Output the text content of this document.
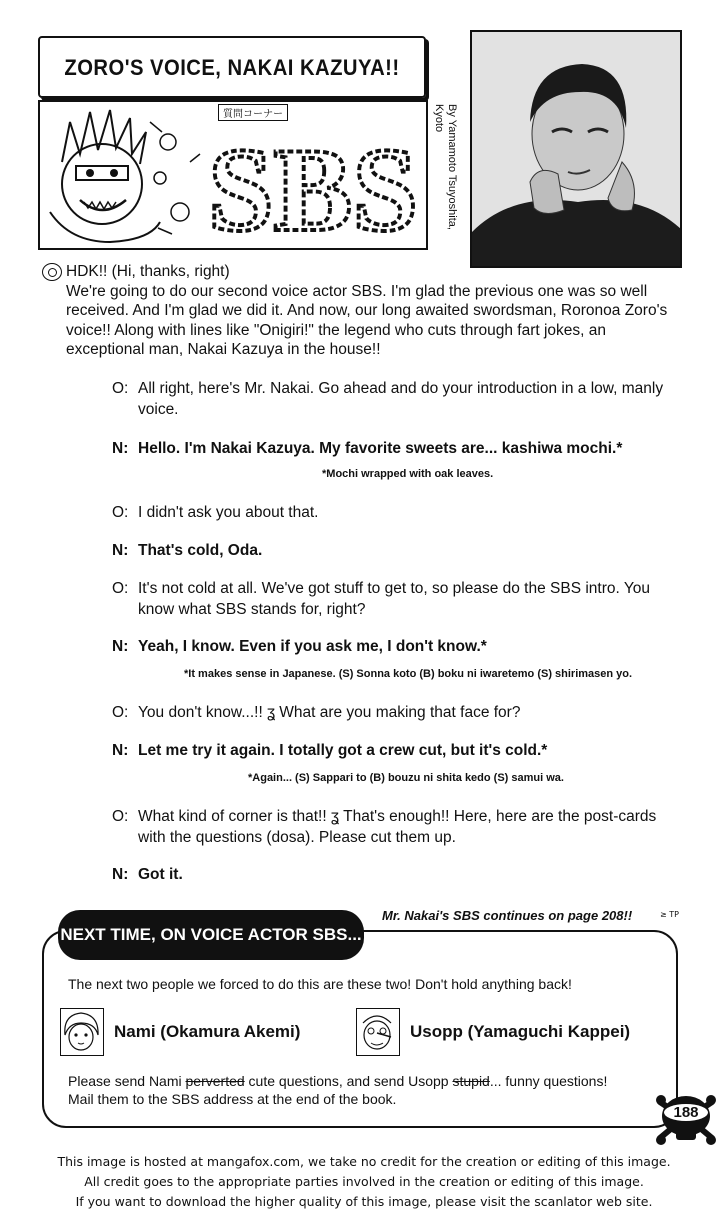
ZORO'S VOICE, NAKAI KAZUYA!!
質問コーナー
SBS	By Yamamoto Tsuyoshita, Kyoto
HDK!! (Hi, thanks, right)
We're going to do our second voice actor SBS. I'm glad the previous one was so well received. And I'm glad we did it. And now, our long awaited swordsman, Roronoa Zoro's voice!! Along with lines like "Onigiri!" the legend who cuts through fart jokes, an exceptional man, Nakai Kazuya in the house!!
O: All right, here's Mr. Nakai. Go ahead and do your introduction in a low, manly voice.
N: Hello. I'm Nakai Kazuya. My favorite sweets are... kashiwa mochi.*
*Mochi wrapped with oak leaves.
O: I didn't ask you about that.
N: That's cold, Oda.
O: It's not cold at all. We've got stuff to get to, so please do the SBS intro. You know what SBS stands for, right?
N: Yeah, I know. Even if you ask me, I don't know.*
*It makes sense in Japanese. (S) Sonna koto (B) boku ni iwaretemo (S) shirimasen yo.
O: You don't know...!! ʓ What are you making that face for?
N: Let me try it again. I totally got a crew cut, but it's cold.*
*Again... (S) Sappari to (B) bouzu ni shita kedo (S) samui wa.
O: What kind of corner is that!! ʓ That's enough!! Here, here are the post-cards with the questions (dosa). Please cut them up.
N: Got it.
Mr. Nakai's SBS continues on page 208!!	≥ TP
The next two people we forced to do this are these two! Don't hold anything back!
Nami (Okamura Akemi)	Usopp (Yamaguchi Kappei)
Please send Nami perverted cute questions, and send Usopp stupid... funny questions! Mail them to the SBS address at the end of the book.
NEXT TIME, ON VOICE ACTOR SBS...
188
This image is hosted at mangafox.com, we take no credit for the creation or editing of this image.
All credit goes to the appropriate parties involved in the creation or editing of this image.
If you want to download the higher quality of this image, please visit the scanlator web site.
